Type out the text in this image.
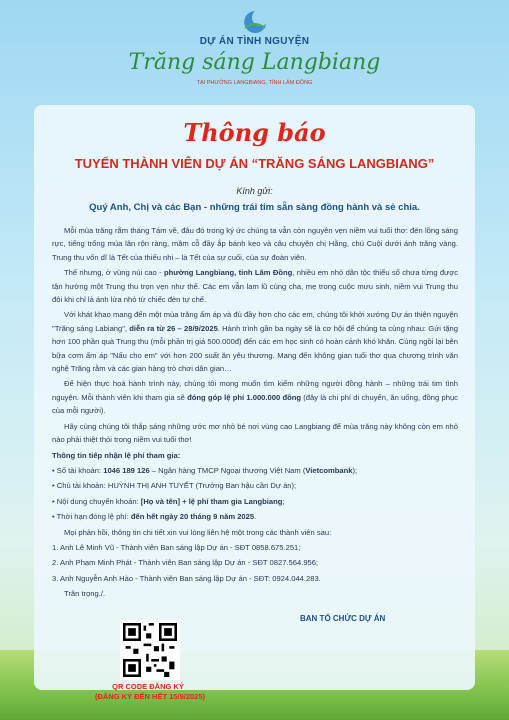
DỰ ÁN TÌNH NGUYỆN
Trăng sáng Langbiang
TẠI PHƯỜNG LANGBIANG, TỈNH LÂM ĐỒNG
Thông báo
TUYỂN THÀNH VIÊN DỰ ÁN “TRĂNG SÁNG LANGBIANG”
Kính gửi:
Quý Anh, Chị và các Bạn - những trái tim sẵn sàng đồng hành và sẻ chia.

Mỗi mùa trăng rằm tháng Tám về, đâu đó trong ký ức chúng ta vẫn còn nguyên vẹn niềm vui tuổi thơ: đèn lồng sáng rực, tiếng trống múa lân rộn ràng, mâm cỗ đầy ắp bánh kẹo và câu chuyện chị Hằng, chú Cuội dưới ánh trăng vàng. Trung thu vốn dĩ là Tết của thiếu nhi – là Tết của sự cuối, của sự đoàn viên.

Thế nhưng, ở vùng núi cao - phường Langbiang, tỉnh Lâm Đồng, nhiều em nhỏ dân tộc thiểu số chưa từng được tận hưởng một Trung thu trọn vẹn như thế. Các em vẫn lam lũ cùng cha, mẹ trong cuộc mưu sinh, niềm vui Trung thu đôi khi chỉ là ánh lửa nhỏ từ chiếc đèn tự chế.

Với khát khao mang đến một mùa trăng ấm áp và đủ đầy hơn cho các em, chúng tôi khởi xướng Dự án thiện nguyện "Trăng sáng Labiang", diễn ra từ 26 – 28/9/2025. Hành trình gần ba ngày sẽ là cơ hội để chúng ta cùng nhau: Gửi tặng hơn 100 phần quà Trung thu (mỗi phần trị giá 500.000đ) đến các em học sinh có hoàn cảnh khó khăn. Cùng ngồi lại bên bữa cơm ấm áp "Nấu cho em" với hơn 200 suất ăn yêu thương. Mang đến không gian tuổi thơ qua chương trình văn nghệ Trăng rằm và các gian hàng trò chơi dân gian…

Để hiện thực hoá hành trình này, chúng tôi mong muốn tìm kiếm những người đồng hành – những trái tim tình nguyện. Mỗi thành viên khi tham gia sẽ đóng góp lệ phí 1.000.000 đồng (đây là chi phí di chuyển, ăn uống, đồng phục của mỗi người).

Hãy cùng chúng tôi thắp sáng những ước mơ nhỏ bé nơi vùng cao Langbiang để mùa trăng này không còn em nhỏ nào phải thiệt thòi trong niềm vui tuổi thơ!

Thông tin tiếp nhận lệ phí tham gia:

• Số tài khoản: 1046 189 126 – Ngân hàng TMCP Ngoại thương Việt Nam (Vietcombank);

• Chủ tài khoản: HUỲNH THỊ ANH TUYẾT (Trưởng Ban hậu cần Dự án);

• Nội dung chuyển khoản: [Họ và tên] + lệ phí tham gia Langbiang;

• Thời hạn đóng lệ phí: đến hết ngày 20 tháng 9 năm 2025.

Mọi phản hồi, thông tin chi tiết xin vui lòng liên hệ một trong các thành viên sau:

1. Anh Lê Minh Vũ - Thành viên Ban sáng lập Dự án - SĐT 0858.675.251;

2. Anh Phạm Minh Phát - Thành viên Ban sáng lập Dự án - SĐT 0827.564.956;

3. Anh Nguyễn Anh Hào - Thành viên Ban sáng lập Dự án - SĐT: 0924.044.283.

Trân trọng./.

BAN TỔ CHỨC DỰ ÁN
QR CODE ĐĂNG KÝ
(ĐĂNG KÝ ĐẾN HẾT 15/9/2025)
